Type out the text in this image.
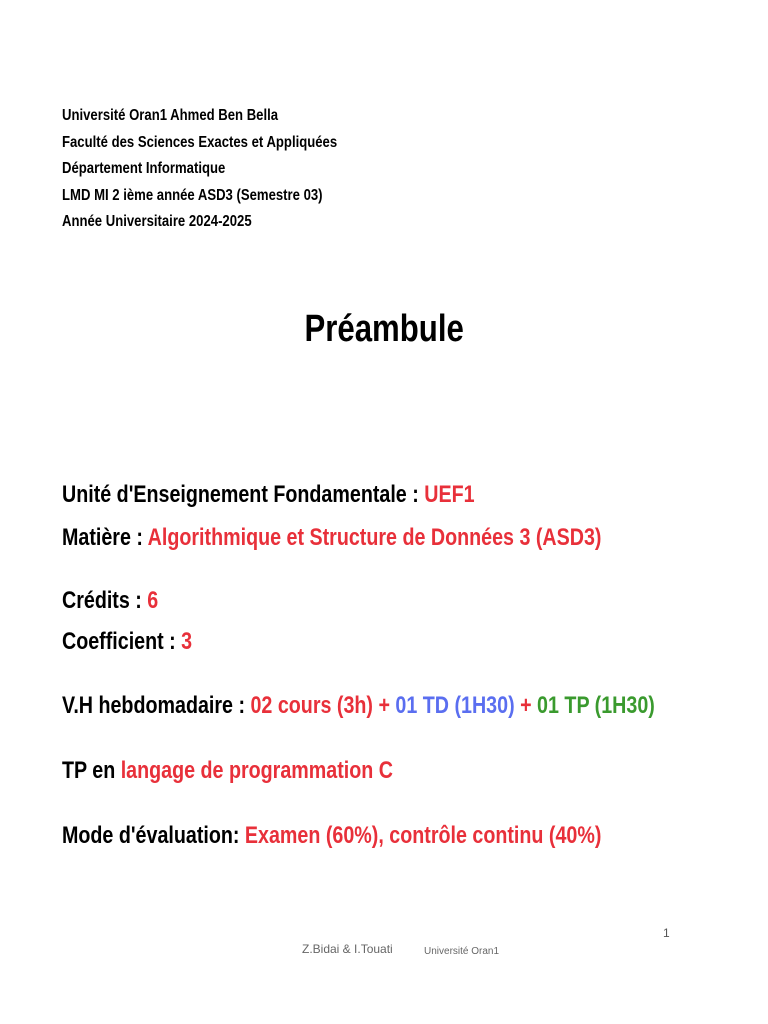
Université Oran1 Ahmed Ben Bella
Faculté des Sciences Exactes et Appliquées
Département Informatique
LMD MI 2 ième année ASD3 (Semestre 03)
Année Universitaire 2024-2025
Préambule
Unité d'Enseignement Fondamentale : UEF1
Matière : Algorithmique et Structure de Données 3 (ASD3)
Crédits : 6
Coefficient : 3
V.H hebdomadaire : 02 cours (3h) + 01 TD (1H30) + 01 TP (1H30)
TP en langage de programmation C
Mode d'évaluation: Examen (60%), contrôle continu (40%)
1
Z.Bidai & I.Touati	Université Oran1
